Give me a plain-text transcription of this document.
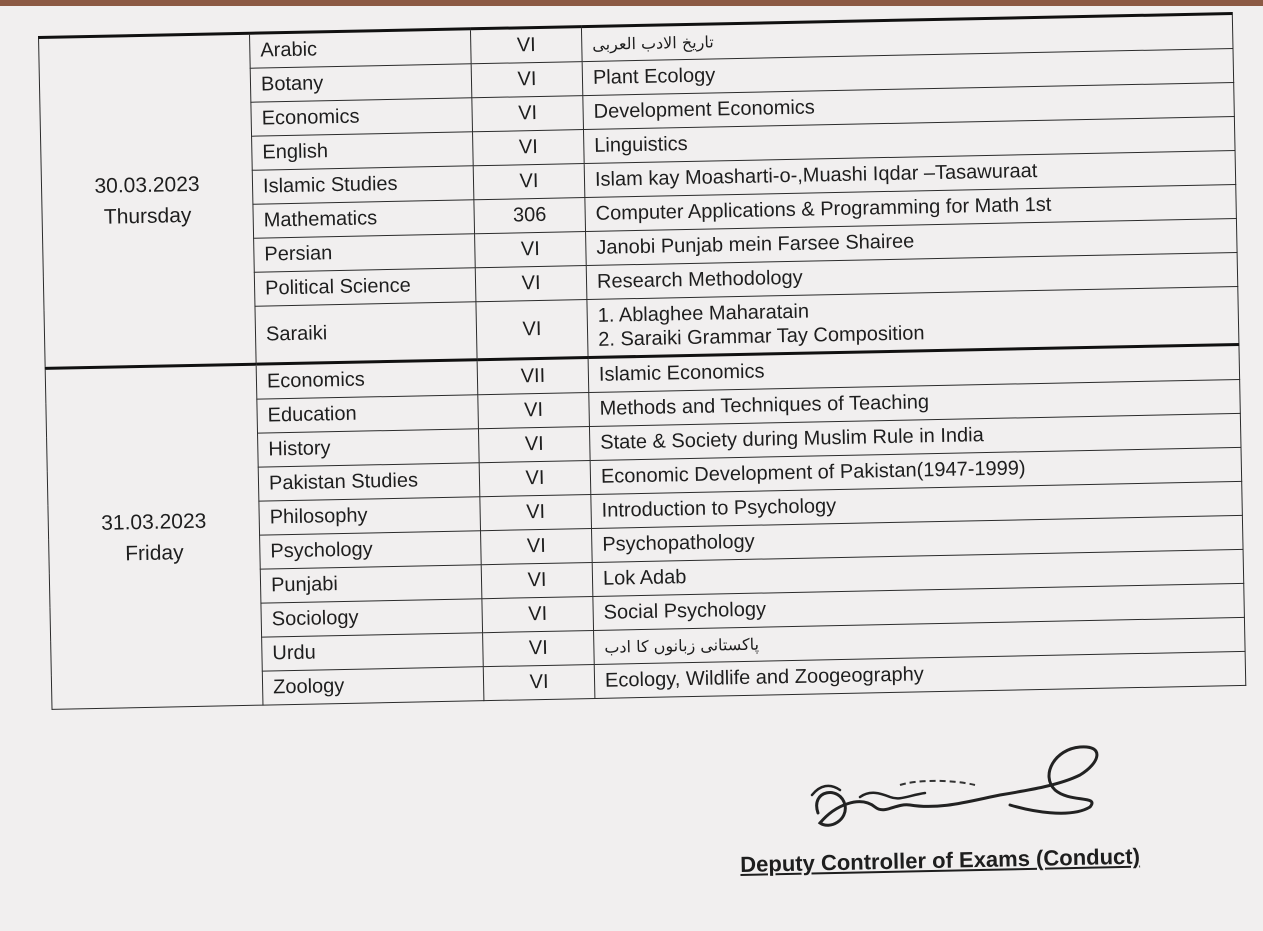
30.03.2023
Thursday	Arabic	VI	تاریخ الادب العربی

	Botany	VI	Plant Ecology
	Economics	VI	Development Economics
	English	VI	Linguistics
	Islamic Studies	VI	Islam kay Moasharti-o-,Muashi Iqdar –Tasawuraat
	Mathematics	306	Computer Applications & Programming for Math 1st
	Persian	VI	Janobi Punjab mein Farsee Shairee
	Political Science	VI	Research Methodology
	Saraiki	VI	1. Ablaghee Maharatain
2. Saraiki Grammar Tay Composition

31.03.2023
Friday	Economics	VII	Islamic Economics
	Education	VI	Methods and Techniques of Teaching
	History	VI	State & Society during Muslim Rule in India
	Pakistan Studies	VI	Economic Development of Pakistan(1947-1999)
	Philosophy	VI	Introduction to Psychology
	Psychology	VI	Psychopathology
	Punjabi	VI	Lok Adab
	Sociology	VI	Social Psychology
	Urdu	VI	پاکستانی زبانوں کا ادب

	Zoology	VI	Ecology, Wildlife and Zoogeography
Deputy Controller of Exams (Conduct)
